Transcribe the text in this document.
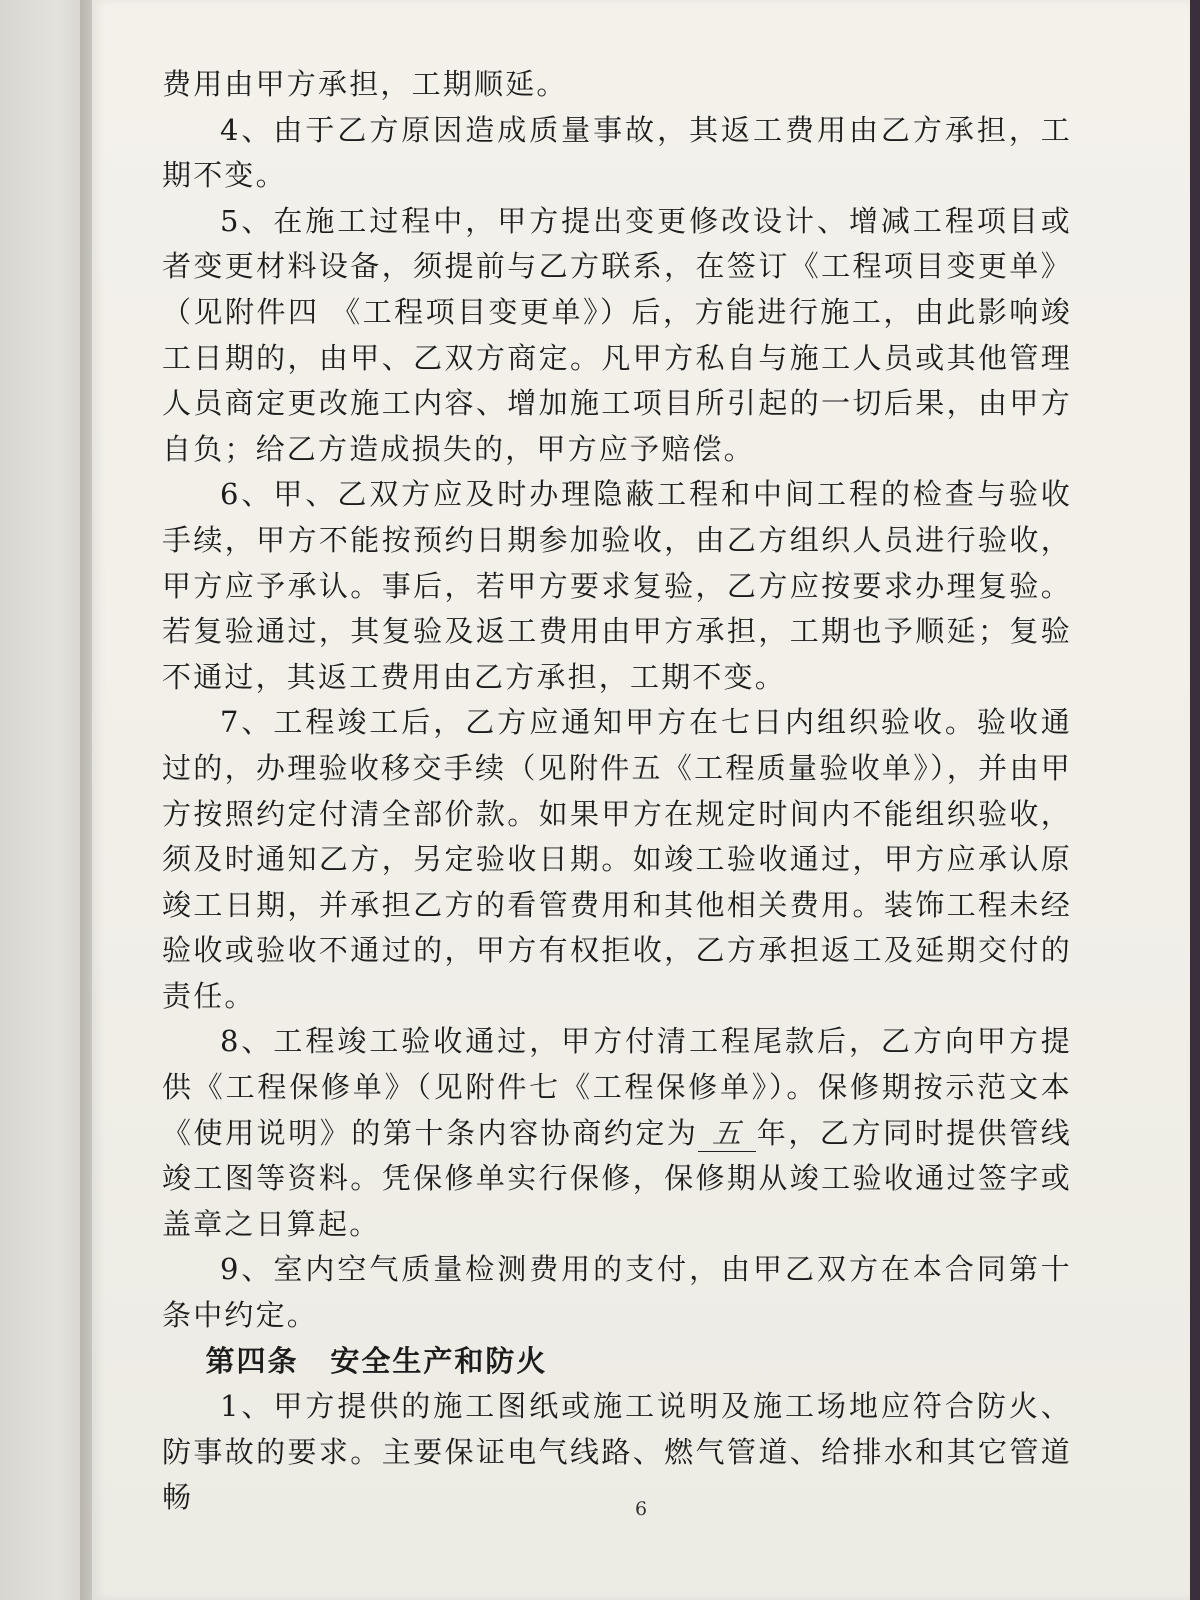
费用由甲方承担，工期顺延。

4、由于乙方原因造成质量事故，其返工费用由乙方承担，工期不变。

5、在施工过程中，甲方提出变更修改设计、增减工程项目或者变更材料设备，须提前与乙方联系，在签订《工程项目变更单》（见附件四 《工程项目变更单》）后，方能进行施工，由此影响竣工日期的，由甲、乙双方商定。凡甲方私自与施工人员或其他管理人员商定更改施工内容、增加施工项目所引起的一切后果，由甲方自负；给乙方造成损失的，甲方应予赔偿。

6、甲、乙双方应及时办理隐蔽工程和中间工程的检查与验收手续，甲方不能按预约日期参加验收，由乙方组织人员进行验收，甲方应予承认。事后，若甲方要求复验，乙方应按要求办理复验。若复验通过，其复验及返工费用由甲方承担，工期也予顺延；复验不通过，其返工费用由乙方承担，工期不变。

7、工程竣工后，乙方应通知甲方在七日内组织验收。验收通过的，办理验收移交手续（见附件五《工程质量验收单》），并由甲方按照约定付清全部价款。如果甲方在规定时间内不能组织验收，须及时通知乙方，另定验收日期。如竣工验收通过，甲方应承认原竣工日期，并承担乙方的看管费用和其他相关费用。装饰工程未经验收或验收不通过的，甲方有权拒收，乙方承担返工及延期交付的责任。

8、工程竣工验收通过，甲方付清工程尾款后，乙方向甲方提供《工程保修单》（见附件七《工程保修单》）。保修期按示范文本《使用说明》的第十条内容协商约定为 五 年，乙方同时提供管线竣工图等资料。凭保修单实行保修，保修期从竣工验收通过签字或盖章之日算起。

9、室内空气质量检测费用的支付，由甲乙双方在本合同第十条中约定。

第四条 安全生产和防火

1、甲方提供的施工图纸或施工说明及施工场地应符合防火、防事故的要求。主要保证电气线路、燃气管道、给排水和其它管道畅	6
